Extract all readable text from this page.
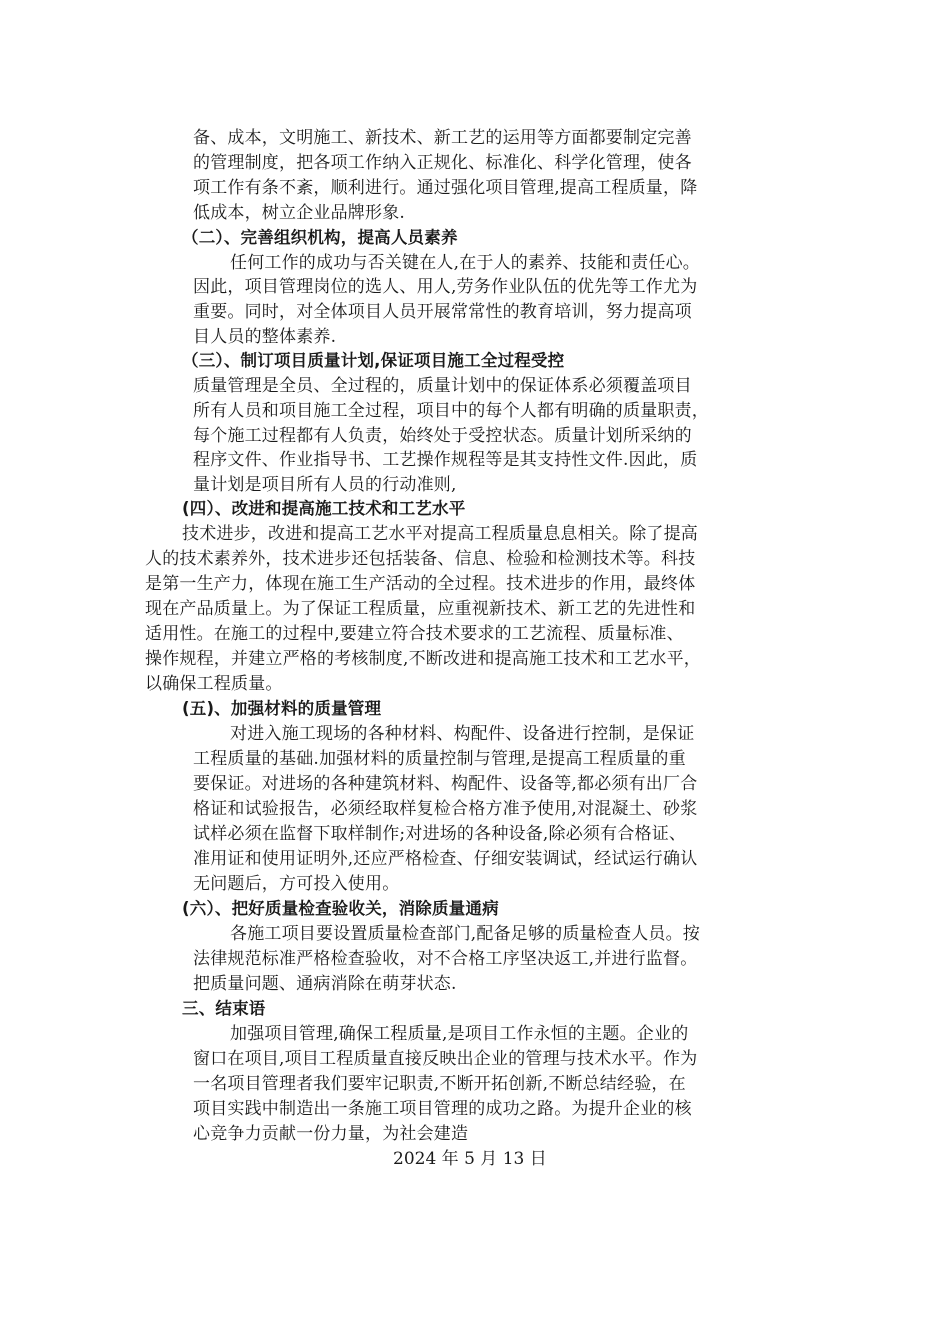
备、成本，文明施工、新技术、新工艺的运用等方面都要制定完善
的管理制度，把各项工作纳入正规化、标准化、科学化管理，使各
项工作有条不紊，顺利进行。通过强化项目管理,提高工程质量，降
低成本，树立企业品牌形象.
（二）、完善组织机构，提高人员素养
任何工作的成功与否关键在人,在于人的素养、技能和责任心。
因此，项目管理岗位的选人、用人,劳务作业队伍的优先等工作尤为
重要。同时，对全体项目人员开展常常性的教育培训，努力提高项
目人员的整体素养.
（三）、制订项目质量计划,保证项目施工全过程受控
质量管理是全员、全过程的，质量计划中的保证体系必须覆盖项目
所有人员和项目施工全过程，项目中的每个人都有明确的质量职责，
每个施工过程都有人负责，始终处于受控状态。质量计划所采纳的
程序文件、作业指导书、工艺操作规程等是其支持性文件.因此，质
量计划是项目所有人员的行动准则,
(四）、改进和提高施工技术和工艺水平
技术进步，改进和提高工艺水平对提高工程质量息息相关。除了提高
人的技术素养外，技术进步还包括装备、信息、检验和检测技术等。科技
是第一生产力，体现在施工生产活动的全过程。技术进步的作用，最终体
现在产品质量上。为了保证工程质量，应重视新技术、新工艺的先进性和
适用性。在施工的过程中,要建立符合技术要求的工艺流程、质量标准、
操作规程，并建立严格的考核制度,不断改进和提高施工技术和工艺水平，
以确保工程质量。
(五)、加强材料的质量管理
对进入施工现场的各种材料、构配件、设备进行控制，是保证
工程质量的基础.加强材料的质量控制与管理,是提高工程质量的重
要保证。对进场的各种建筑材料、构配件、设备等,都必须有出厂合
格证和试验报告，必须经取样复检合格方准予使用,对混凝土、砂浆
试样必须在监督下取样制作;对进场的各种设备,除必须有合格证、
准用证和使用证明外,还应严格检查、仔细安装调试，经试运行确认
无问题后，方可投入使用。
(六）、把好质量检查验收关，消除质量通病
各施工项目要设置质量检查部门,配备足够的质量检查人员。按
法律规范标准严格检查验收，对不合格工序坚决返工,并进行监督。
把质量问题、通病消除在萌芽状态.
三、结束语
加强项目管理,确保工程质量,是项目工作永恒的主题。企业的
窗口在项目,项目工程质量直接反映出企业的管理与技术水平。作为
一名项目管理者我们要牢记职责,不断开拓创新,不断总结经验，在
项目实践中制造出一条施工项目管理的成功之路。为提升企业的核
心竞争力贡献一份力量，为社会建造
2024 年 5 月 13 日
